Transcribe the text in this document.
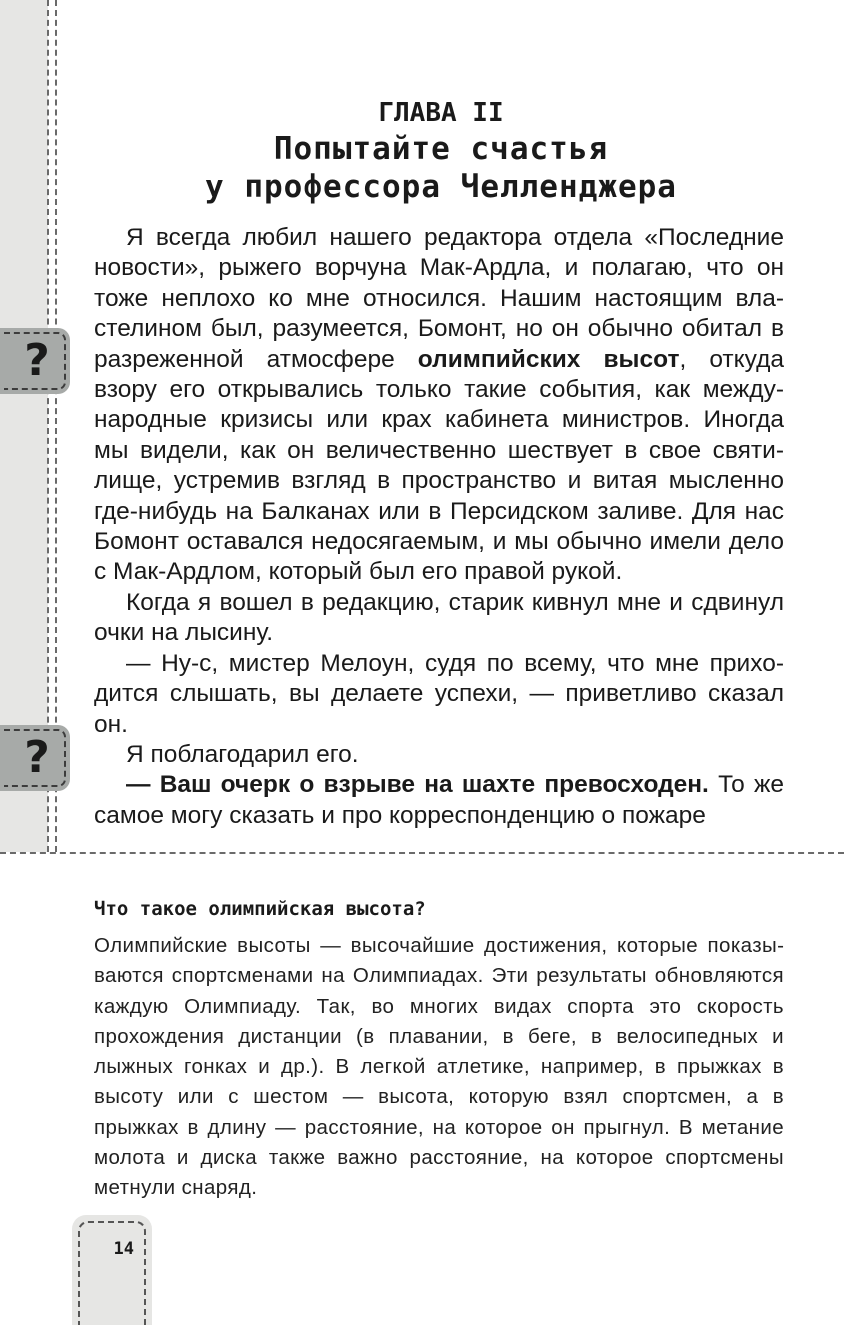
?
?
ГЛАВА II
Попытайте счастья
у профессора Челленджера

Я всегда любил нашего редактора отдела «Последние новости», рыжего ворчуна Мак-Ардла, и полагаю, что он тоже неплохо ко мне относился. Нашим настоящим властелином был, разумеется, Бомонт, но он обычно обитал в разреженной атмосфере олимпийских высот, откуда взору его открывались только такие события, как международные кризисы или крах кабинета министров. Иногда мы видели, как он величественно шествует в свое святилище, устремив взгляд в пространство и витая мысленно где-нибудь на Балканах или в Персидском заливе. Для нас Бомонт оставался недосягаемым, и мы обычно имели дело с Мак-Ардлом, который был его правой рукой.

Когда я вошел в редакцию, старик кивнул мне и сдвинул очки на лысину.

— Ну-с, мистер Мелоун, судя по всему, что мне приходится слышать, вы делаете успехи, — приветливо сказал он.

Я поблагодарил его.

— Ваш очерк о взрыве на шахте превосходен. То же самое могу сказать и про корреспонденцию о пожаре

Что такое олимпийская высота?
Олимпийские высоты — высочайшие достижения, которые показываются спортсменами на Олимпиадах. Эти результаты обновляются каждую Олимпиаду. Так, во многих видах спорта это скорость прохождения дистанции (в плавании, в беге, в велосипедных и лыжных гонках и др.). В легкой атлетике, например, в прыжках в высоту или с шестом — высота, которую взял спортсмен, а в прыжках в длину — расстояние, на которое он прыгнул. В метание молота и диска также важно расстояние, на которое спортсмены метнули снаряд.
14
